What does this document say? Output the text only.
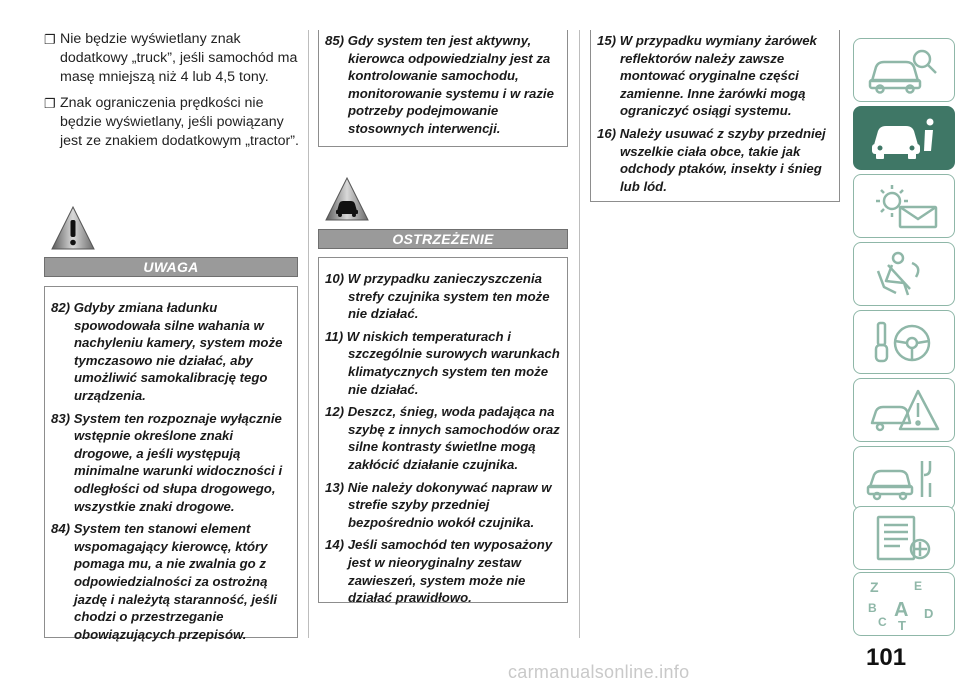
❐ Nie będzie wyświetlany znak dodatkowy „truck”, jeśli samochód ma masę mniejszą niż 4 lub 4,5 tony.
❐ Znak ograniczenia prędkości nie będzie wyświetlany, jeśli powiązany jest ze znakiem dodatkowym „tractor”.
UWAGA
82) Gdyby zmiana ładunku spowodowała silne wahania w nachyleniu kamery, system może tymczasowo nie działać, aby umożliwić samokalibrację tego urządzenia.
83) System ten rozpoznaje wyłącznie wstępnie określone znaki drogowe, a jeśli występują minimalne warunki widoczności i odległości od słupa drogowego, wszystkie znaki drogowe.
84) System ten stanowi element wspomagający kierowcę, który pomaga mu, a nie zwalnia go z odpowiedzialności za ostrożną jazdę i należytą staranność, jeśli chodzi o przestrzeganie obowiązujących przepisów.
85) Gdy system ten jest aktywny, kierowca odpowiedzialny jest za kontrolowanie samochodu, monitorowanie systemu i w razie potrzeby podejmowanie stosownych interwencji.
OSTRZEŻENIE
10) W przypadku zanieczyszczenia strefy czujnika system ten może nie działać.
11) W niskich temperaturach i szczególnie surowych warunkach klimatycznych system ten może nie działać.
12) Deszcz, śnieg, woda padająca na szybę z innych samochodów oraz silne kontrasty świetlne mogą zakłócić działanie czujnika.
13) Nie należy dokonywać napraw w strefie szyby przedniej bezpośrednio wokół czujnika.
14) Jeśli samochód ten wyposażony jest w nieoryginalny zestaw zawieszeń, system może nie działać prawidłowo.
15) W przypadku wymiany żarówek reflektorów należy zawsze montować oryginalne części zamienne. Inne żarówki mogą ograniczyć osiągi systemu.
16) Należy usuwać z szyby przedniej wszelkie ciała obce, takie jak odchody ptaków, insekty i śnieg lub lód.
Z	E
B A
C T
D
101
carmanualsonline.info
